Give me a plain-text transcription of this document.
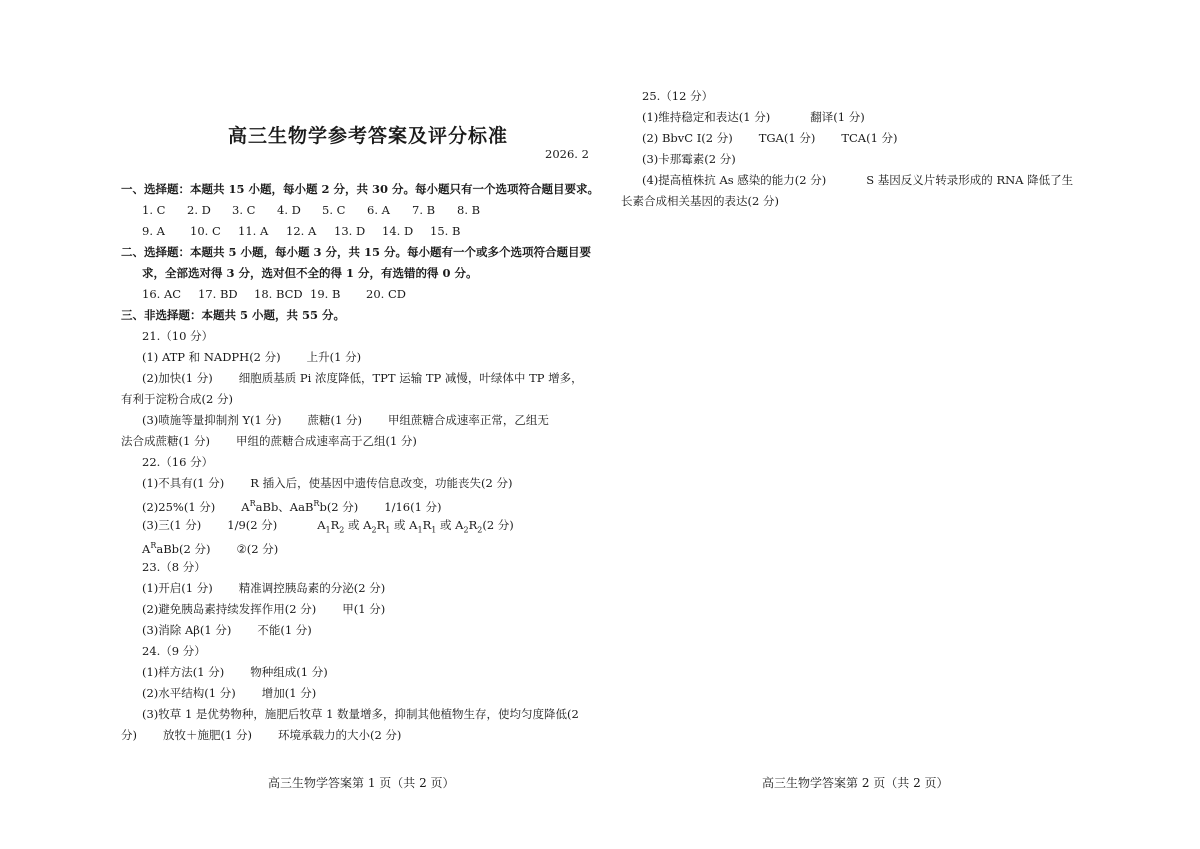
高三生物学参考答案及评分标准
2026. 2
一、选择题：本题共 15 小题，每小题 2 分，共 30 分。每小题只有一个选项符合题目要求。
1. C	2. D	3. C	4. D	5. C	6. A	7. B	8. B
9. A	10. C	11. A	12. A	13. D	14. D	15. B
二、选择题：本题共 5 小题，每小题 3 分，共 15 分。每小题有一个或多个选项符合题目要
求，全部选对得 3 分，选对但不全的得 1 分，有选错的得 0 分。
16. AC	17. BD	18. BCD 19. B	20. CD
三、非选择题：本题共 5 小题，共 55 分。
21.（10 分）
(1) ATP 和 NADPH(2 分) 上升(1 分)
(2)加快(1 分) 细胞质基质 Pi 浓度降低，TPT 运输 TP 减慢，叶绿体中 TP 增多，
有利于淀粉合成(2 分)
(3)喷施等量抑制剂 Y(1 分) 蔗糖(1 分) 甲组蔗糖合成速率正常，乙组无
法合成蔗糖(1 分) 甲组的蔗糖合成速率高于乙组(1 分)
22.（16 分）
(1)不具有(1 分) R 插入后，使基因中遗传信息改变，功能丧失(2 分)
(2)25%(1 分) $A^RaBb$、AaB$^R$b(2 分) 1/16(1 分)
(3)三(1 分) 1/9(2 分)	$A_1R_2$ 或 $A_2R_1$ 或 $A_1R_1$ 或 $A_2R_2(2$ 分)
$A^RaBb(2$ 分) ②(2 分)
23.（8 分）
(1)开启(1 分) 精准调控胰岛素的分泌(2 分)
(2)避免胰岛素持续发挥作用(2 分) 甲(1 分)
(3)消除 Aβ(1 分) 不能(1 分)
24.（9 分）
(1)样方法(1 分) 物种组成(1 分)
(2)水平结构(1 分) 增加(1 分)
(3)牧草 1 是优势物种，施肥后牧草 1 数量增多，抑制其他植物生存，使均匀度降低(2
分) 放牧＋施肥(1 分) 环境承载力的大小(2 分)
高三生物学答案第 1 页（共 2 页）
25.（12 分）
(1)维持稳定和表达(1 分)	翻译(1 分)
(2) BbvC Ⅰ(2 分) TGA(1 分) TCA(1 分)
(3)卡那霉素(2 分)
(4)提高植株抗 As 感染的能力(2 分)	S 基因反义片转录形成的 RNA 降低了生
长素合成相关基因的表达(2 分)
高三生物学答案第 2 页（共 2 页）
